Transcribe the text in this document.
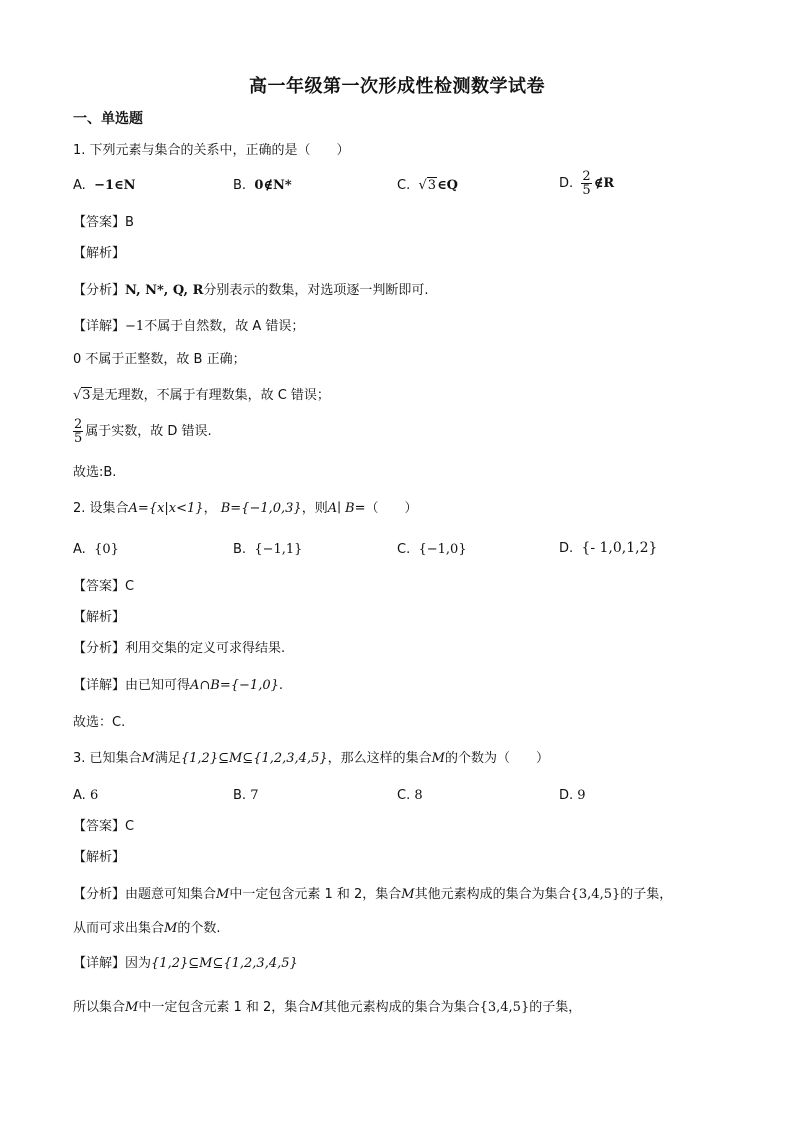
高一年级第一次形成性检测数学试卷
一、单选题
1. 下列元素与集合的关系中，正确的是（　　）
A. −1∈N	B. 0∉N*	C. √3∈Q	D. $\frac{2}{5}$ ∉R
【答案】B
【解析】
【分析】N, N*, Q, R分别表示的数集，对选项逐一判断即可.
【详解】−1不属于自然数，故 A 错误；
0 不属于正整数，故 B 正确；
√3是无理数，不属于有理数集，故 C 错误；
$\frac{2}{5}$ 属于实数，故 D 错误.
故选:B.
2. 设集合A={x|x<1}， B={−1,0,3}，则A∣ B=（　　）
A. {0}	B. {−1,1}	C. {−1,0}	D. {- 1,0,1,2}
【答案】C
【解析】
【分析】利用交集的定义可求得结果.
【详解】由已知可得A∩B={−1,0}.
故选：C.
3. 已知集合M满足{1,2}⊆M⊆{1,2,3,4,5}，那么这样的集合M的个数为（　　）
A. 6	B. 7	C. 8	D. 9
【答案】C
【解析】
【分析】由题意可知集合M中一定包含元素 1 和 2，集合M其他元素构成的集合为集合{3,4,5}的子集，
从而可求出集合M的个数.
【详解】因为{1,2}⊆M⊆{1,2,3,4,5}
所以集合M中一定包含元素 1 和 2，集合M其他元素构成的集合为集合{3,4,5}的子集，
